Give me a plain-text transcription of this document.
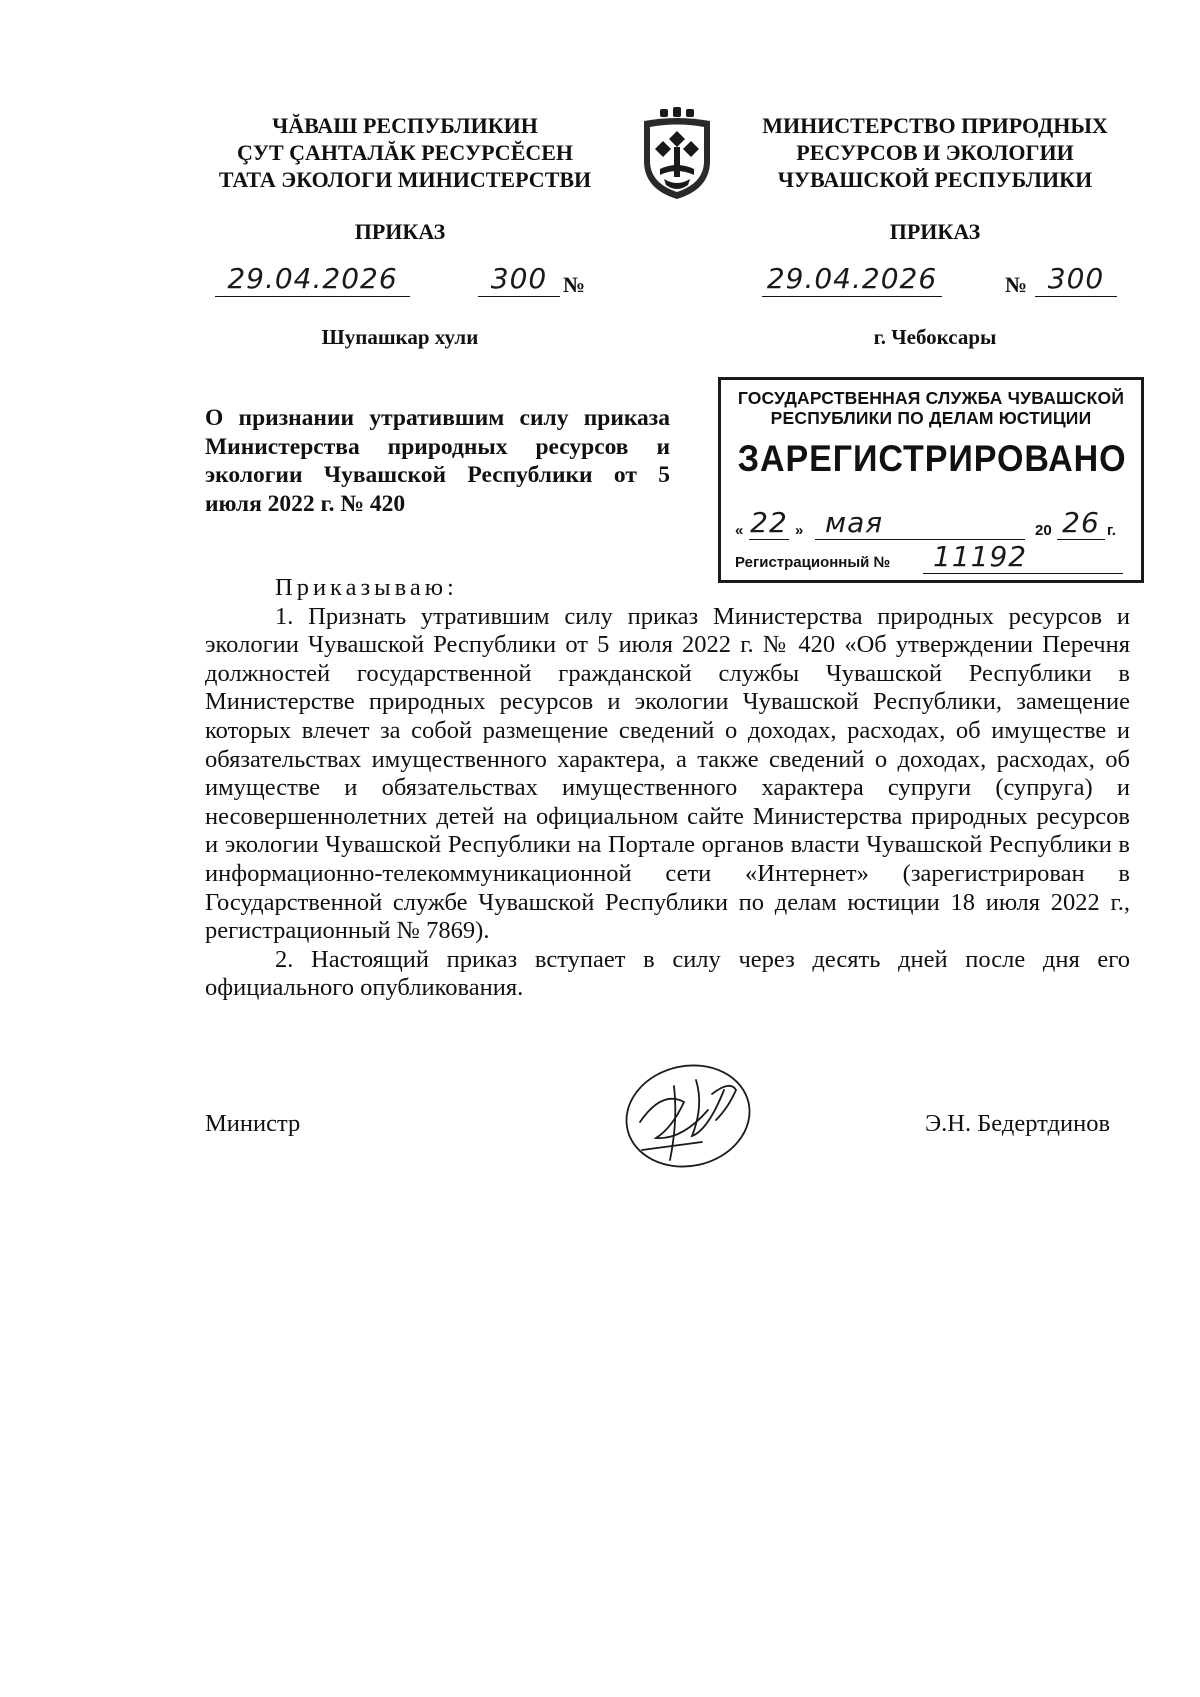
ЧĂВАШ РЕСПУБЛИКИН
ÇУТ ÇАНТАЛĂК РЕСУРСĔСЕН
ТАТА ЭКОЛОГИ МИНИСТЕРСТВИ
МИНИСТЕРСТВО ПРИРОДНЫХ
РЕСУРСОВ И ЭКОЛОГИИ
ЧУВАШСКОЙ РЕСПУБЛИКИ
ПРИКАЗ	ПРИКАЗ
29.04.2026	300 №	29.04.2026	№ 300
Шупашкар хули	г. Чебоксары
О признании утратившим силу приказа Министерства природных ресурсов и экологии Чувашской Республики от 5 июля 2022 г. № 420
ГОСУДАРСТВЕННАЯ СЛУЖБА ЧУВАШСКОЙ
РЕСПУБЛИКИ ПО ДЕЛАМ ЮСТИЦИИ
ЗАРЕГИСТРИРОВАНО
« 22 » мая	20 26 г.
Регистрационный №	11192

Приказываю:

1. Признать утратившим силу приказ Министерства природных ресурсов и экологии Чувашской Республики от 5 июля 2022 г. № 420 «Об утверждении Перечня должностей государственной гражданской службы Чувашской Республики в Министерстве природных ресурсов и экологии Чувашской Республики, замещение которых влечет за собой размещение сведений о доходах, расходах, об имуществе и обязательствах имущественного характера, а также сведений о доходах, расходах, об имуществе и обязательствах имущественного характера супруги (супруга) и несовершеннолетних детей на официальном сайте Министерства природных ресурсов и экологии Чувашской Республики на Портале органов власти Чувашской Республики в информационно-телекоммуникационной сети «Интернет» (зарегистрирован в Государственной службе Чувашской Республики по делам юстиции 18 июля 2022 г., регистрационный № 7869).

2. Настоящий приказ вступает в силу через десять дней после дня его официального опубликования.

Министр	Э.Н. Бедертдинов
